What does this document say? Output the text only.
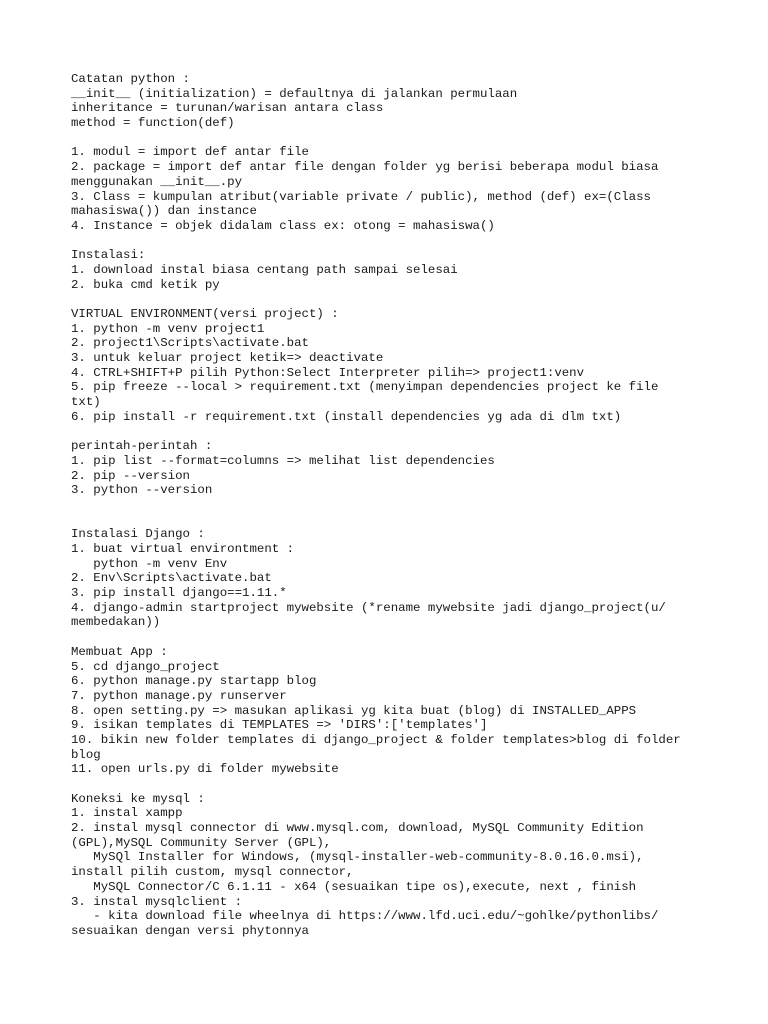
Catatan python :
__init__ (initialization) = defaultnya di jalankan permulaan
inheritance = turunan/warisan antara class
method = function(def)
1. modul = import def antar file
2. package = import def antar file dengan folder yg berisi beberapa modul biasa
menggunakan __init__.py
3. Class = kumpulan atribut(variable private / public), method (def) ex=(Class
mahasiswa()) dan instance
4. Instance = objek didalam class ex: otong = mahasiswa()
Instalasi:
1. download instal biasa centang path sampai selesai
2. buka cmd ketik py
VIRTUAL ENVIRONMENT(versi project) :
1. python -m venv project1
2. project1\Scripts\activate.bat
3. untuk keluar project ketik=> deactivate
4. CTRL+SHIFT+P pilih Python:Select Interpreter pilih=> project1:venv
5. pip freeze --local > requirement.txt (menyimpan dependencies project ke file
txt)
6. pip install -r requirement.txt (install dependencies yg ada di dlm txt)
perintah-perintah :
1. pip list --format=columns => melihat list dependencies
2. pip --version
3. python --version
Instalasi Django :
1. buat virtual environtment :
python -m venv Env
2. Env\Scripts\activate.bat
3. pip install django==1.11.*
4. django-admin startproject mywebsite (*rename mywebsite jadi django_project(u/
membedakan))
Membuat App :
5. cd django_project
6. python manage.py startapp blog
7. python manage.py runserver
8. open setting.py => masukan aplikasi yg kita buat (blog) di INSTALLED_APPS
9. isikan templates di TEMPLATES => 'DIRS':['templates']
10. bikin new folder templates di django_project & folder templates>blog di folder
blog
11. open urls.py di folder mywebsite
Koneksi ke mysql :
1. instal xampp
2. instal mysql connector di www.mysql.com, download, MySQL Community Edition
(GPL),MySQL Community Server (GPL),
MySQl Installer for Windows, (mysql-installer-web-community-8.0.16.0.msi),
install pilih custom, mysql connector,
MySQL Connector/C 6.1.11 - x64 (sesuaikan tipe os),execute, next , finish
3. instal mysqlclient :
- kita download file wheelnya di https://www.lfd.uci.edu/~gohlke/pythonlibs/
sesuaikan dengan versi phytonnya
